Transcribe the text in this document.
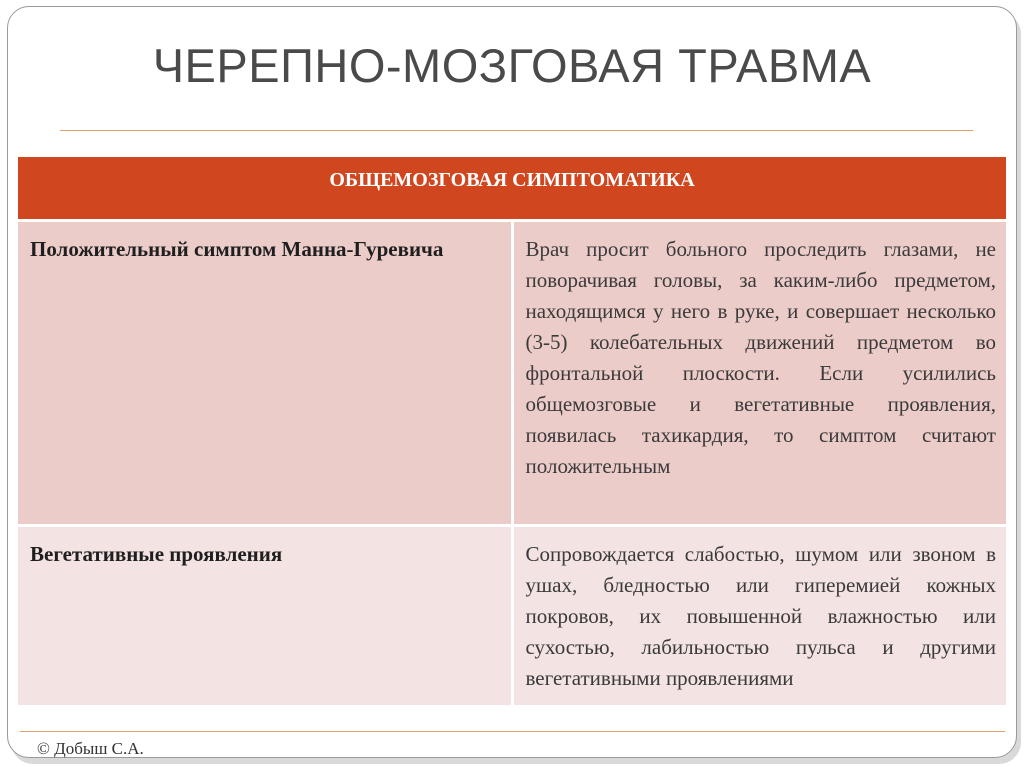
ЧЕРЕПНО-МОЗГОВАЯ ТРАВМА
ОБЩЕМОЗГОВАЯ СИМПТОМАТИКА	
Положительный симптом Манна-Гуревича	Врач просит больного проследить глазами, не поворачивая головы, за каким-либо предметом, находящимся у него в руке, и совершает несколько (3-5) колебательных движений предметом во фронтальной плоскости. Если усилились общемозговые и вегетативные проявления, появилась тахикардия, то симптом считают положительным
Вегетативные проявления	Сопровождается слабостью, шумом или звоном в ушах, бледностью или гиперемией кожных покровов, их повышенной влажностью или сухостью, лабильностью пульса и другими вегетативными проявлениями
© Добыш С.А.
